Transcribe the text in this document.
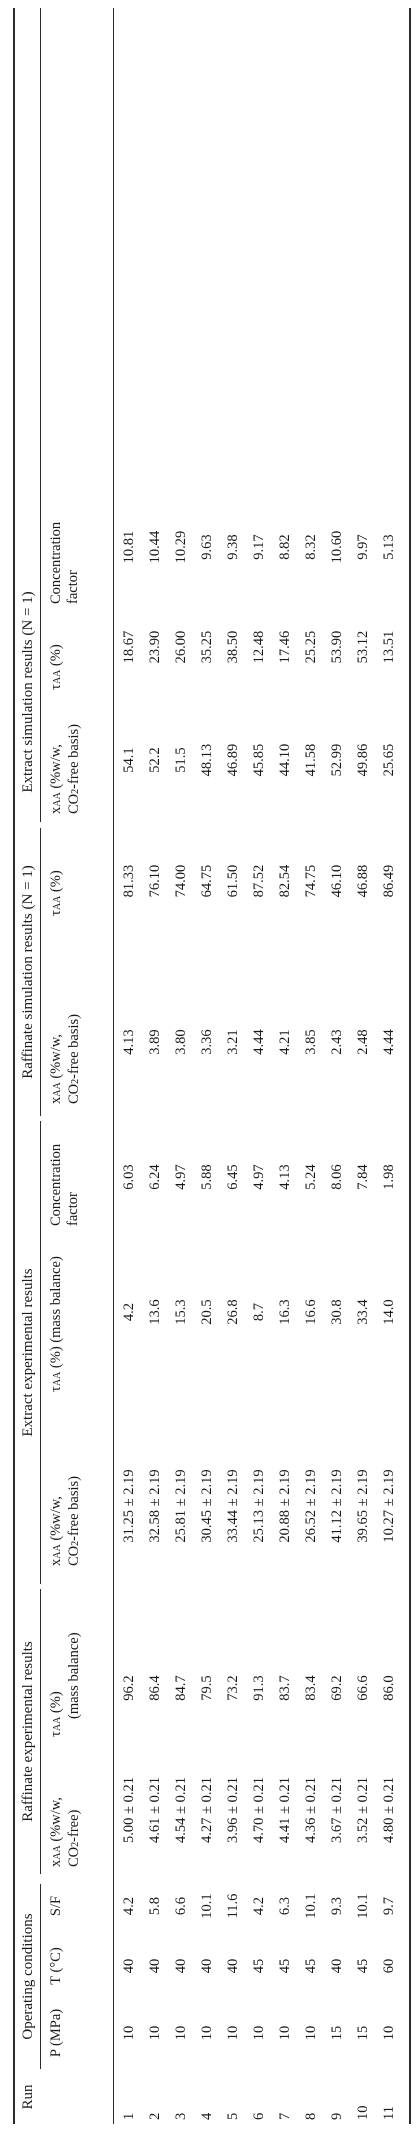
Run
Operating conditions
Raffinate experimental results
Extract experimental results
Raffinate simulation results (N = 1)
Extract simulation results (N = 1)
P (MPa)
T (°C)
S/F
xAA (%w/w,
CO2-free)
τAA (%) (mass balance)
xAA (%w/w,
CO2-free basis)
τAA (%) (mass balance)
Concentration
factor
xAA (%w/w,
CO2-free basis)
τAA (%)
xAA (%w/w,
CO2-free basis)
τAA (%)
Concentration
factor
1
10
40
4.2
5.00 ± 0.21
96.2
31.25 ± 2.19
4.2
6.03
4.13
81.33
54.1
18.67
10.81
2
10
40
5.8
4.61 ± 0.21
86.4
32.58 ± 2.19
13.6
6.24
3.89
76.10
52.2
23.90
10.44
3
10
40
6.6
4.54 ± 0.21
84.7
25.81 ± 2.19
15.3
4.97
3.80
74.00
51.5
26.00
10.29
4
10
40
10.1
4.27 ± 0.21
79.5
30.45 ± 2.19
20.5
5.88
3.36
64.75
48.13
35.25
9.63
5
10
40
11.6
3.96 ± 0.21
73.2
33.44 ± 2.19
26.8
6.45
3.21
61.50
46.89
38.50
9.38
6
10
45
4.2
4.70 ± 0.21
91.3
25.13 ± 2.19
8.7
4.97
4.44
87.52
45.85
12.48
9.17
7
10
45
6.3
4.41 ± 0.21
83.7
20.88 ± 2.19
16.3
4.13
4.21
82.54
44.10
17.46
8.82
8
10
45
10.1
4.36 ± 0.21
83.4
26.52 ± 2.19
16.6
5.24
3.85
74.75
41.58
25.25
8.32
9
15
40
9.3
3.67 ± 0.21
69.2
41.12 ± 2.19
30.8
8.06
2.43
46.10
52.99
53.90
10.60
10
15
45
10.1
3.52 ± 0.21
66.6
39.65 ± 2.19
33.4
7.84
2.48
46.88
49.86
53.12
9.97
11
10
60
9.7
4.80 ± 0.21
86.0
10.27 ± 2.19
14.0
1.98
4.44
86.49
25.65
13.51
5.13
